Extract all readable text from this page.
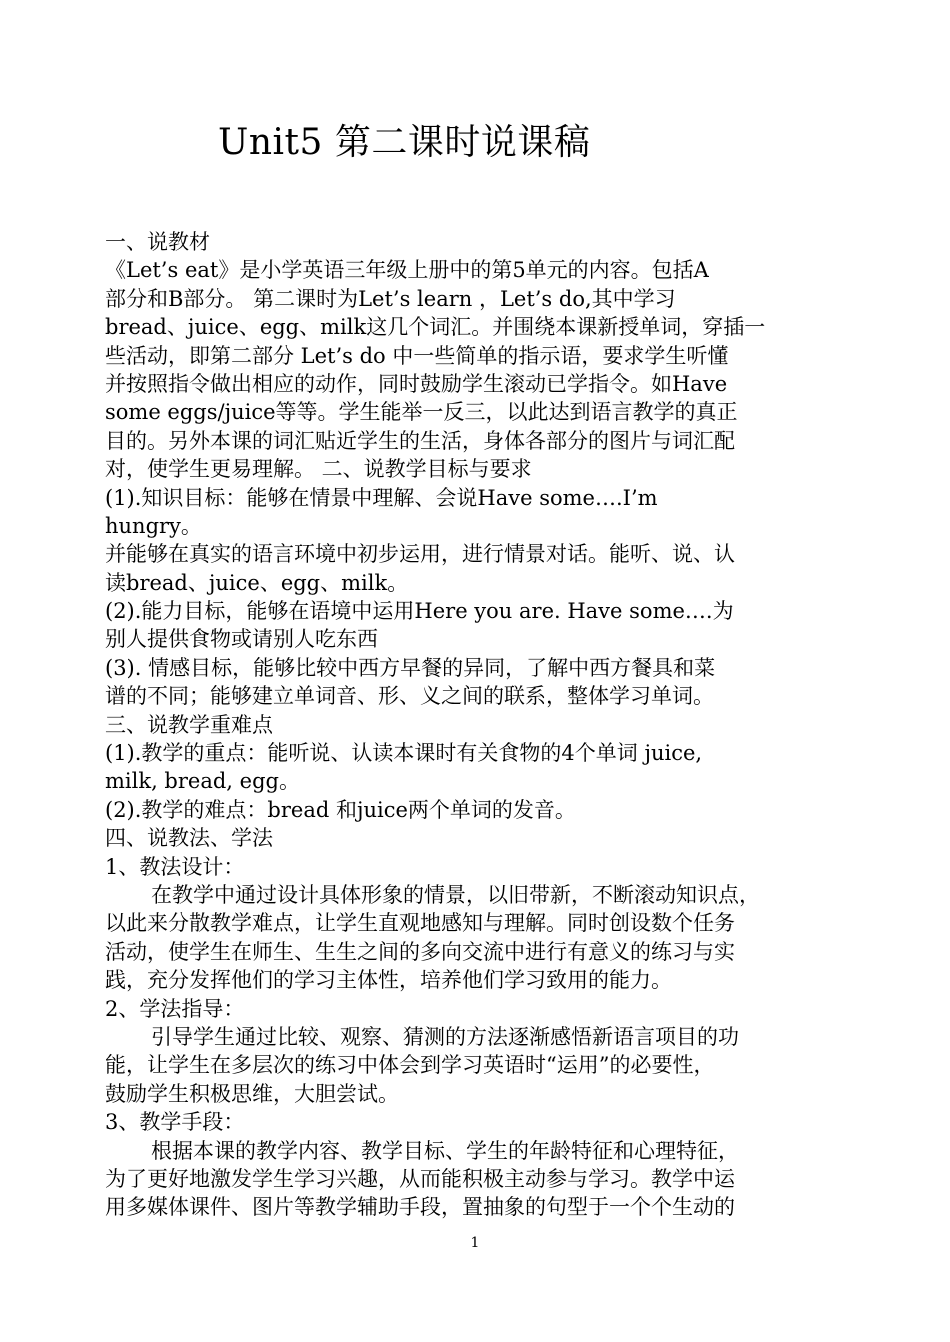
Unit5 第二课时说课稿
一、说教材
《Let’s eat》是小学英语三年级上册中的第5单元的内容。包括A
部分和B部分。 第二课时为Let’s learn ，Let’s do,其中学习
bread、juice、egg、milk这几个词汇。并围绕本课新授单词，穿插一
些活动，即第二部分 Let’s do 中一些简单的指示语，要求学生听懂
并按照指令做出相应的动作，同时鼓励学生滚动已学指令。如Have
some eggs/juice等等。学生能举一反三，以此达到语言教学的真正
目的。另外本课的词汇贴近学生的生活，身体各部分的图片与词汇配
对，使学生更易理解。 二、说教学目标与要求
(1).知识目标：能够在情景中理解、会说Have some….I’m
hungry。
并能够在真实的语言环境中初步运用，进行情景对话。能听、说、认
读bread、juice、egg、milk。
(2).能力目标，能够在语境中运用Here you are. Have some….为
别人提供食物或请别人吃东西
(3). 情感目标，能够比较中西方早餐的异同，了解中西方餐具和菜
谱的不同；能够建立单词音、形、义之间的联系，整体学习单词。
三、说教学重难点
(1).教学的重点：能听说、认读本课时有关食物的4个单词 juice,
milk, bread, egg。
(2).教学的难点：bread 和juice两个单词的发音。
四、说教法、学法
1、教法设计：
在教学中通过设计具体形象的情景，以旧带新，不断滚动知识点，
以此来分散教学难点，让学生直观地感知与理解。同时创设数个任务
活动，使学生在师生、生生之间的多向交流中进行有意义的练习与实
践，充分发挥他们的学习主体性，培养他们学习致用的能力。
2、学法指导：
引导学生通过比较、观察、猜测的方法逐渐感悟新语言项目的功
能，让学生在多层次的练习中体会到学习英语时“运用”的必要性，
鼓励学生积极思维，大胆尝试。
3、教学手段：
根据本课的教学内容、教学目标、学生的年龄特征和心理特征，
为了更好地激发学生学习兴趣，从而能积极主动参与学习。教学中运
用多媒体课件、图片等教学辅助手段，置抽象的句型于一个个生动的
1
